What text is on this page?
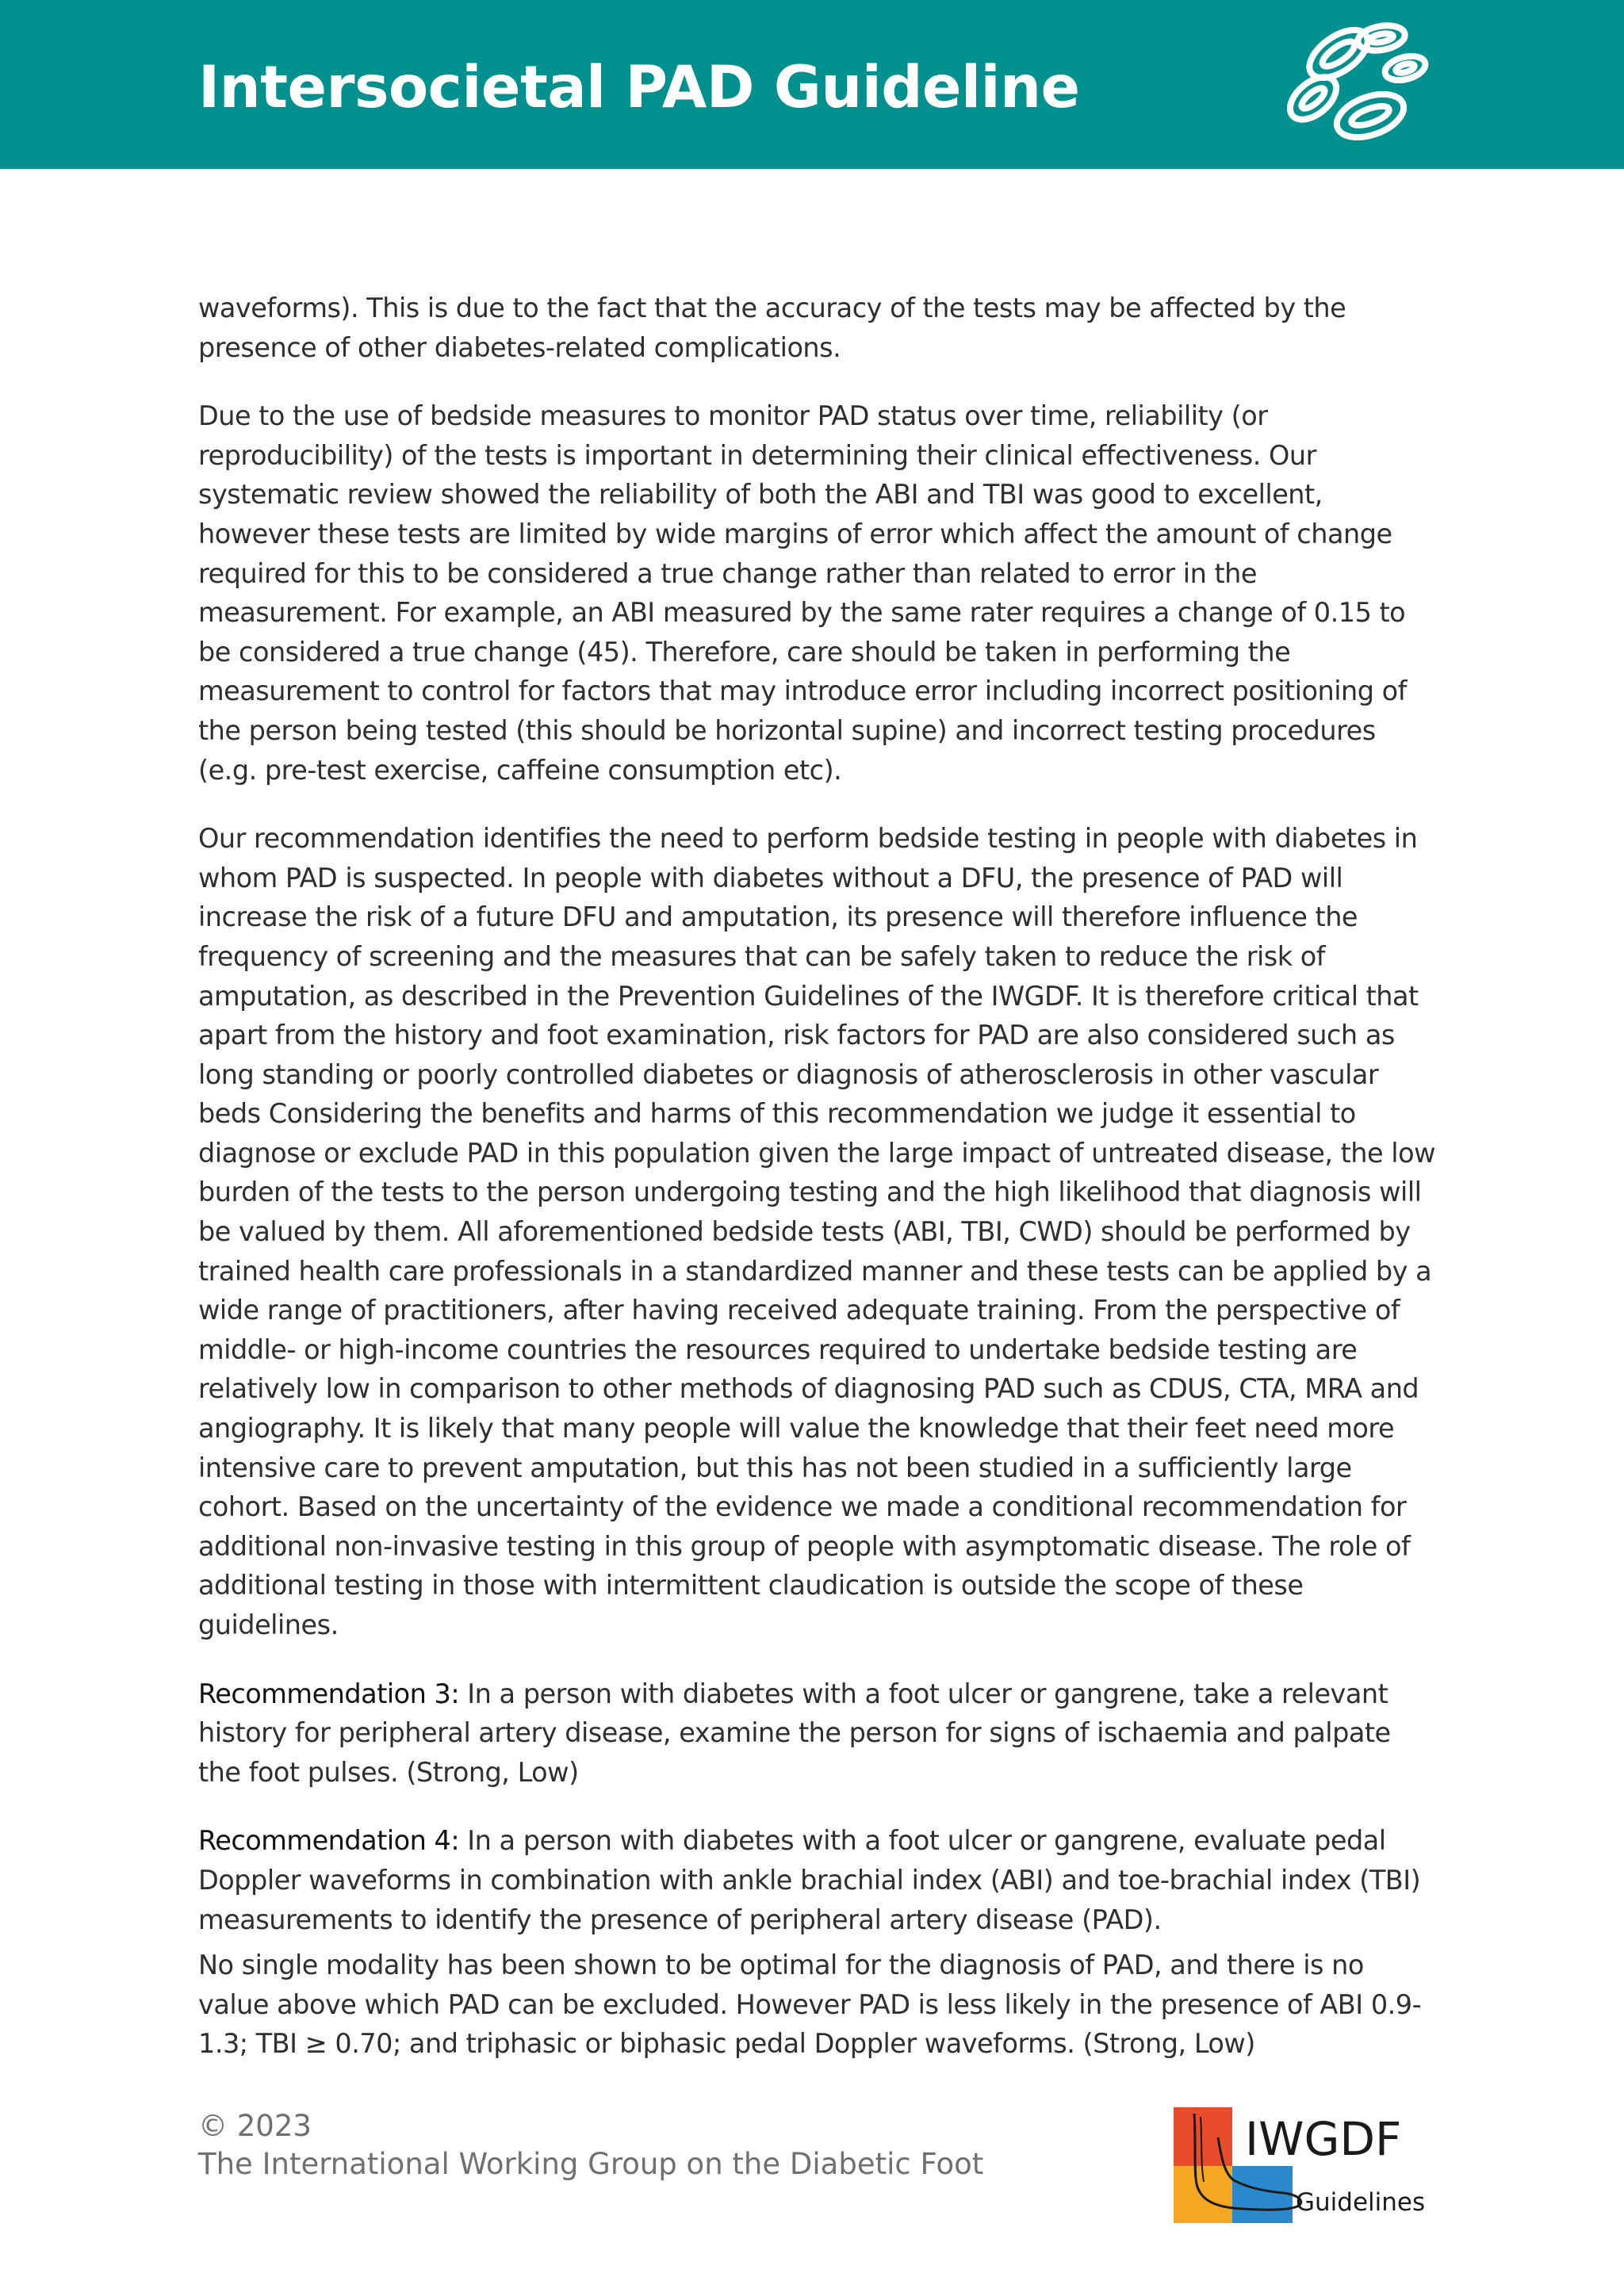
Intersocietal PAD Guideline

waveforms). This is due to the fact that the accuracy of the tests may be affected by the presence of other diabetes-related complications.

Due to the use of bedside measures to monitor PAD status over time, reliability (or reproducibility) of the tests is important in determining their clinical effectiveness. Our systematic review showed the reliability of both the ABI and TBI was good to excellent, however these tests are limited by wide margins of error which affect the amount of change required for this to be considered a true change rather than related to error in the measurement. For example, an ABI measured by the same rater requires a change of 0.15 to be considered a true change (45). Therefore, care should be taken in performing the measurement to control for factors that may introduce error including incorrect positioning of the person being tested (this should be horizontal supine) and incorrect testing procedures (e.g. pre-test exercise, caffeine consumption etc).

Our recommendation identifies the need to perform bedside testing in people with diabetes in whom PAD is suspected. In people with diabetes without a DFU, the presence of PAD will increase the risk of a future DFU and amputation, its presence will therefore influence the frequency of screening and the measures that can be safely taken to reduce the risk of amputation, as described in the Prevention Guidelines of the IWGDF. It is therefore critical that apart from the history and foot examination, risk factors for PAD are also considered such as long standing or poorly controlled diabetes or diagnosis of atherosclerosis in other vascular beds Considering the benefits and harms of this recommendation we judge it essential to diagnose or exclude PAD in this population given the large impact of untreated disease, the low burden of the tests to the person undergoing testing and the high likelihood that diagnosis will be valued by them. All aforementioned bedside tests (ABI, TBI, CWD) should be performed by trained health care professionals in a standardized manner and these tests can be applied by a wide range of practitioners, after having received adequate training. From the perspective of middle- or high-income countries the resources required to undertake bedside testing are relatively low in comparison to other methods of diagnosing PAD such as CDUS, CTA, MRA and angiography. It is likely that many people will value the knowledge that their feet need more intensive care to prevent amputation, but this has not been studied in a sufficiently large cohort. Based on the uncertainty of the evidence we made a conditional recommendation for additional non-invasive testing in this group of people with asymptomatic disease. The role of additional testing in those with intermittent claudication is outside the scope of these guidelines.

Recommendation 3: In a person with diabetes with a foot ulcer or gangrene, take a relevant history for peripheral artery disease, examine the person for signs of ischaemia and palpate the foot pulses. (Strong, Low)

Recommendation 4: In a person with diabetes with a foot ulcer or gangrene, evaluate pedal Doppler waveforms in combination with ankle brachial index (ABI) and toe-brachial index (TBI) measurements to identify the presence of peripheral artery disease (PAD).

No single modality has been shown to be optimal for the diagnosis of PAD, and there is no value above which PAD can be excluded. However PAD is less likely in the presence of ABI 0.9-1.3; TBI ≥ 0.70; and triphasic or biphasic pedal Doppler waveforms. (Strong, Low)

© 2023
The International Working Group on the Diabetic Foot	IWGDF
Guidelines
